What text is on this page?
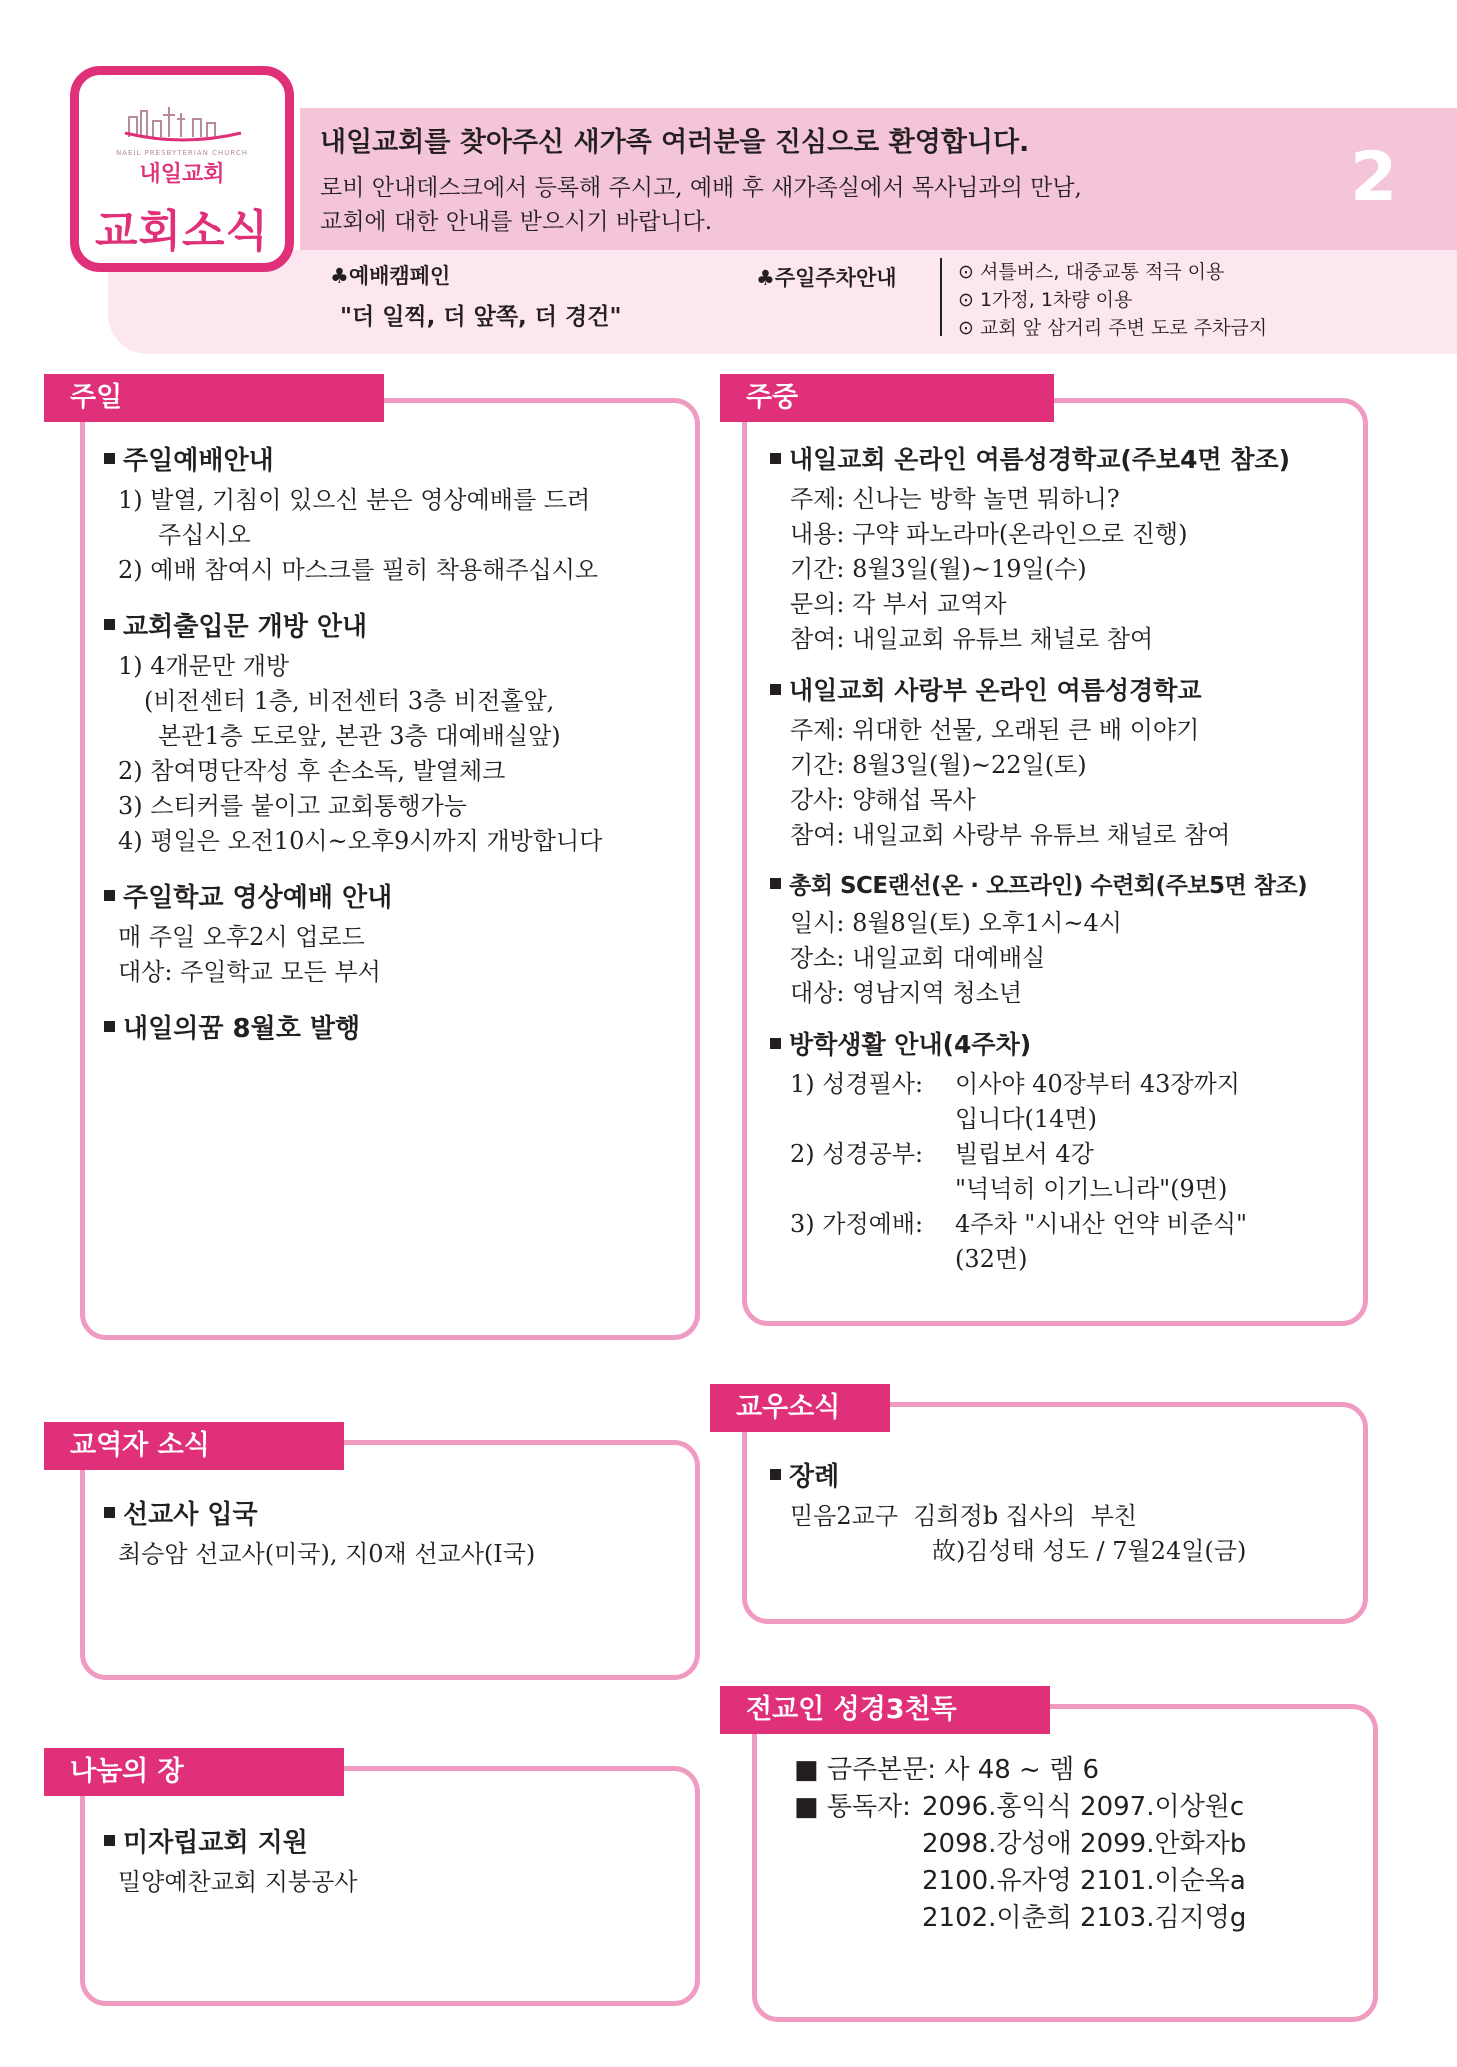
NAEIL PRESBYTERIAN CHURCH
내일교회
교회소식
내일교회를 찾아주신 새가족 여러분을 진심으로 환영합니다.
로비 안내데스크에서 등록해 주시고, 예배 후 새가족실에서 목사님과의 만남,
교회에 대한 안내를 받으시기 바랍니다.
2
♣예배캠페인
"더 일찍, 더 앞쪽, 더 경건"
♣주일주차안내
⊙	셔틀버스, 대중교통 적극 이용
⊙ 1가정, 1차량 이용
⊙ 교회 앞 삼거리 주변 도로 주차금지
주일
주일예배안내
1) 발열, 기침이 있으신 분은 영상예배를 드려
주십시오
2) 예배 참여시 마스크를 필히 착용해주십시오
교회출입문 개방 안내
1) 4개문만 개방
(비전센터 1층, 비전센터 3층 비전홀앞,
본관1층 도로앞, 본관 3층 대예배실앞)
2) 참여명단작성 후 손소독, 발열체크
3) 스티커를 붙이고 교회통행가능
4) 평일은 오전10시~오후9시까지 개방합니다
주일학교 영상예배 안내
매 주일 오후2시 업로드
대상: 주일학교 모든 부서
내일의꿈 8월호 발행
주중
내일교회 온라인 여름성경학교(주보4면 참조)
주제: 신나는 방학 놀면 뭐하니?
내용: 구약 파노라마(온라인으로 진행)
기간: 8월3일(월)~19일(수)
문의: 각 부서 교역자
참여: 내일교회 유튜브 채널로 참여
내일교회 사랑부 온라인 여름성경학교
주제: 위대한 선물, 오래된 큰 배 이야기
기간: 8월3일(월)~22일(토)
강사: 양해섭 목사
참여: 내일교회 사랑부 유튜브 채널로 참여
총회 SCE랜선(온 · 오프라인) 수련회(주보5면 참조)
일시: 8월8일(토) 오후1시~4시
장소: 내일교회 대예배실
대상: 영남지역 청소년
방학생활 안내(4주차)
1) 성경필사:	이사야 40장부터 43장까지
입니다(14면)
2) 성경공부:	빌립보서 4강
"넉넉히 이기느니라"(9면)
3) 가정예배:	4주차 "시내산 언약 비준식"
(32면)
교역자 소식
선교사 입국
최승암 선교사(미국), 지0재 선교사(I국)
교우소식
장례
믿음2교구  김희정b 집사의  부친
故)김성태 성도 / 7월24일(금)
나눔의 장
미자립교회 지원
밀양예찬교회 지붕공사
전교인 성경3천독
■ 금주본문: 사 48 ~ 렘 6
■ 통독자: 2096.홍익식 2097.이상원c
2098.강성애 2099.안화자b
2100.유자영 2101.이순옥a
2102.이춘희 2103.김지영g
